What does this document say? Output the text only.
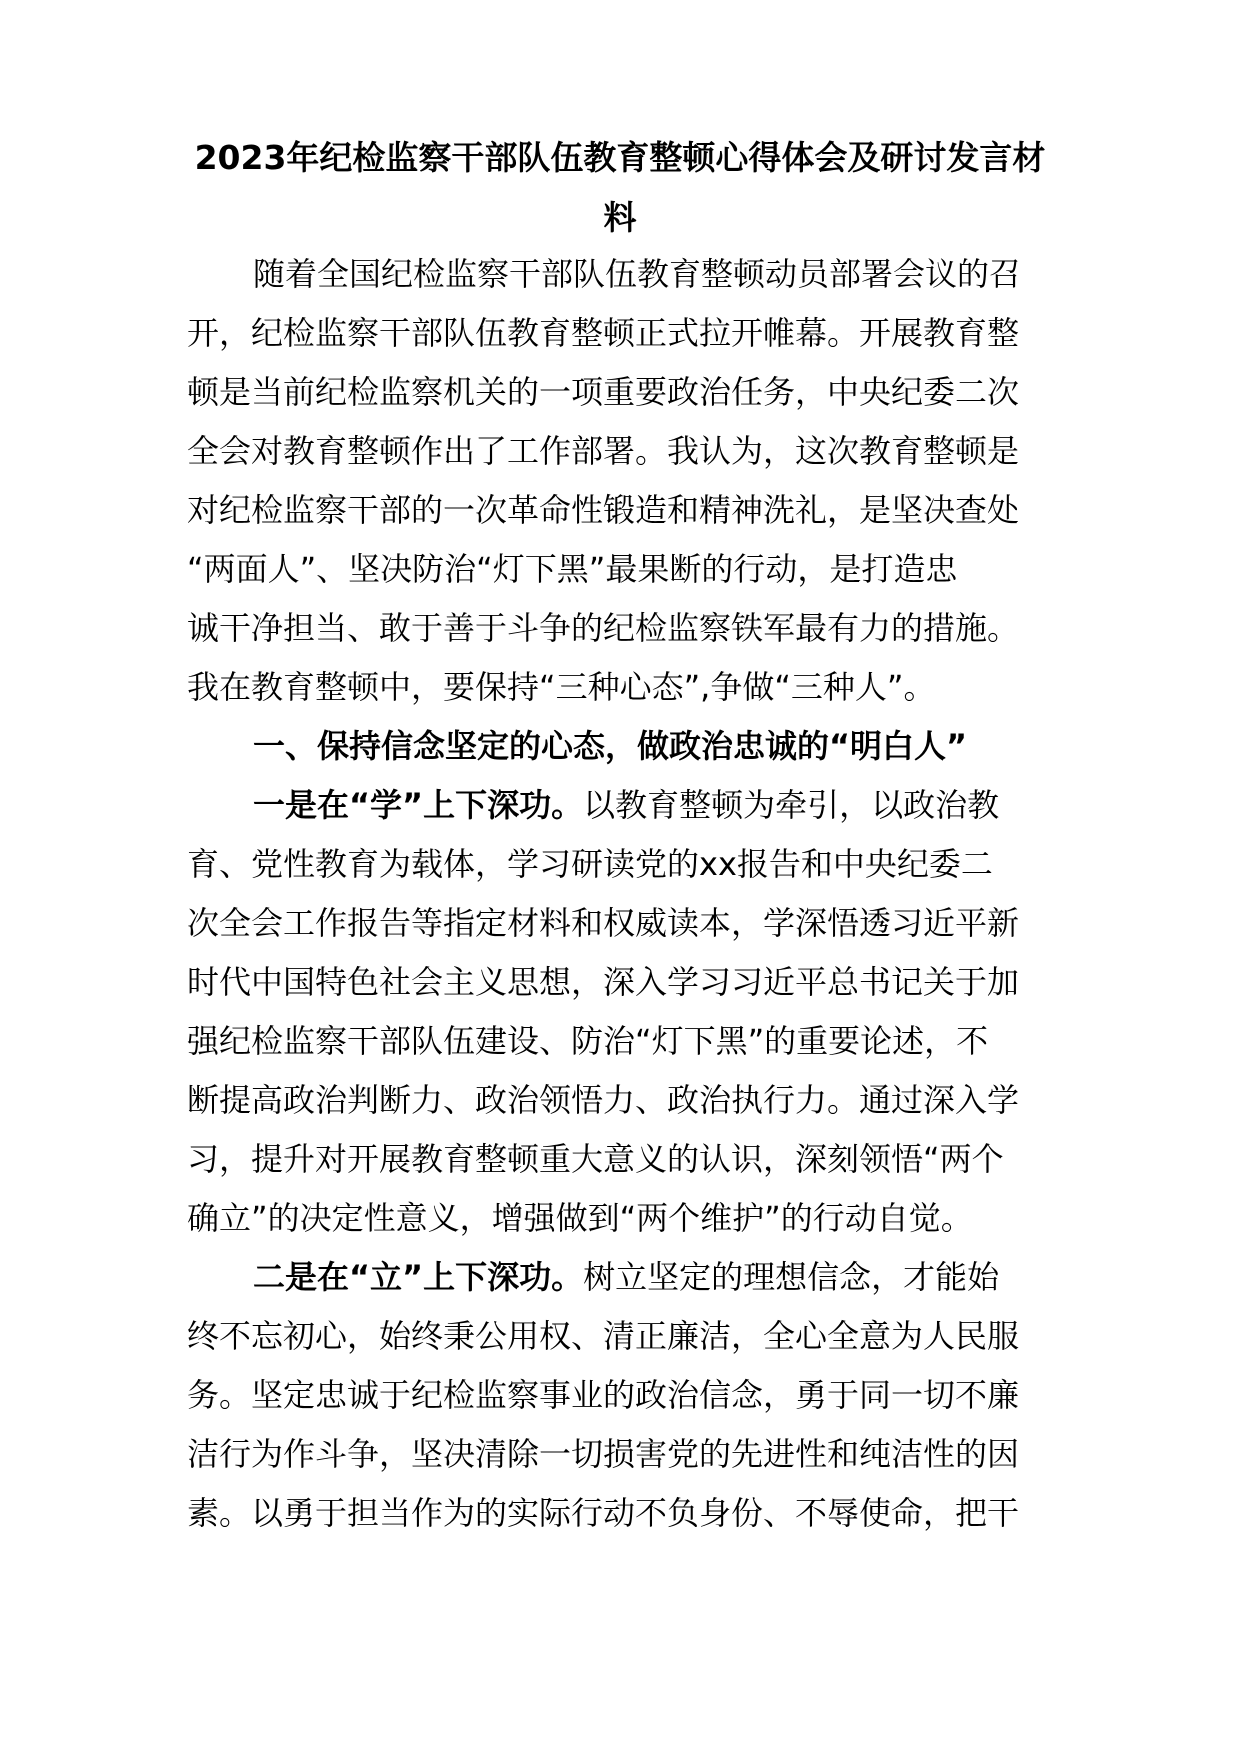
2023年纪检监察干部队伍教育整顿心得体会及研讨发言材
料
随着全国纪检监察干部队伍教育整顿动员部署会议的召
开，纪检监察干部队伍教育整顿正式拉开帷幕。开展教育整
顿是当前纪检监察机关的一项重要政治任务，中央纪委二次
全会对教育整顿作出了工作部署。我认为，这次教育整顿是
对纪检监察干部的一次革命性锻造和精神洗礼，是坚决查处
“两面人”、坚决防治“灯下黑”最果断的行动，是打造忠
诚干净担当、敢于善于斗争的纪检监察铁军最有力的措施。
我在教育整顿中，要保持“三种心态”,争做“三种人”。
一、保持信念坚定的心态，做政治忠诚的“明白人”
一是在“学”上下深功。以教育整顿为牵引，以政治教
育、党性教育为载体，学习研读党的xx报告和中央纪委二
次全会工作报告等指定材料和权威读本，学深悟透习近平新
时代中国特色社会主义思想，深入学习习近平总书记关于加
强纪检监察干部队伍建设、防治“灯下黑”的重要论述，不
断提高政治判断力、政治领悟力、政治执行力。通过深入学
习，提升对开展教育整顿重大意义的认识，深刻领悟“两个
确立”的决定性意义，增强做到“两个维护”的行动自觉。
二是在“立”上下深功。树立坚定的理想信念，才能始
终不忘初心，始终秉公用权、清正廉洁，全心全意为人民服
务。坚定忠诚于纪检监察事业的政治信念，勇于同一切不廉
洁行为作斗争，坚决清除一切损害党的先进性和纯洁性的因
素。以勇于担当作为的实际行动不负身份、不辱使命，把干
